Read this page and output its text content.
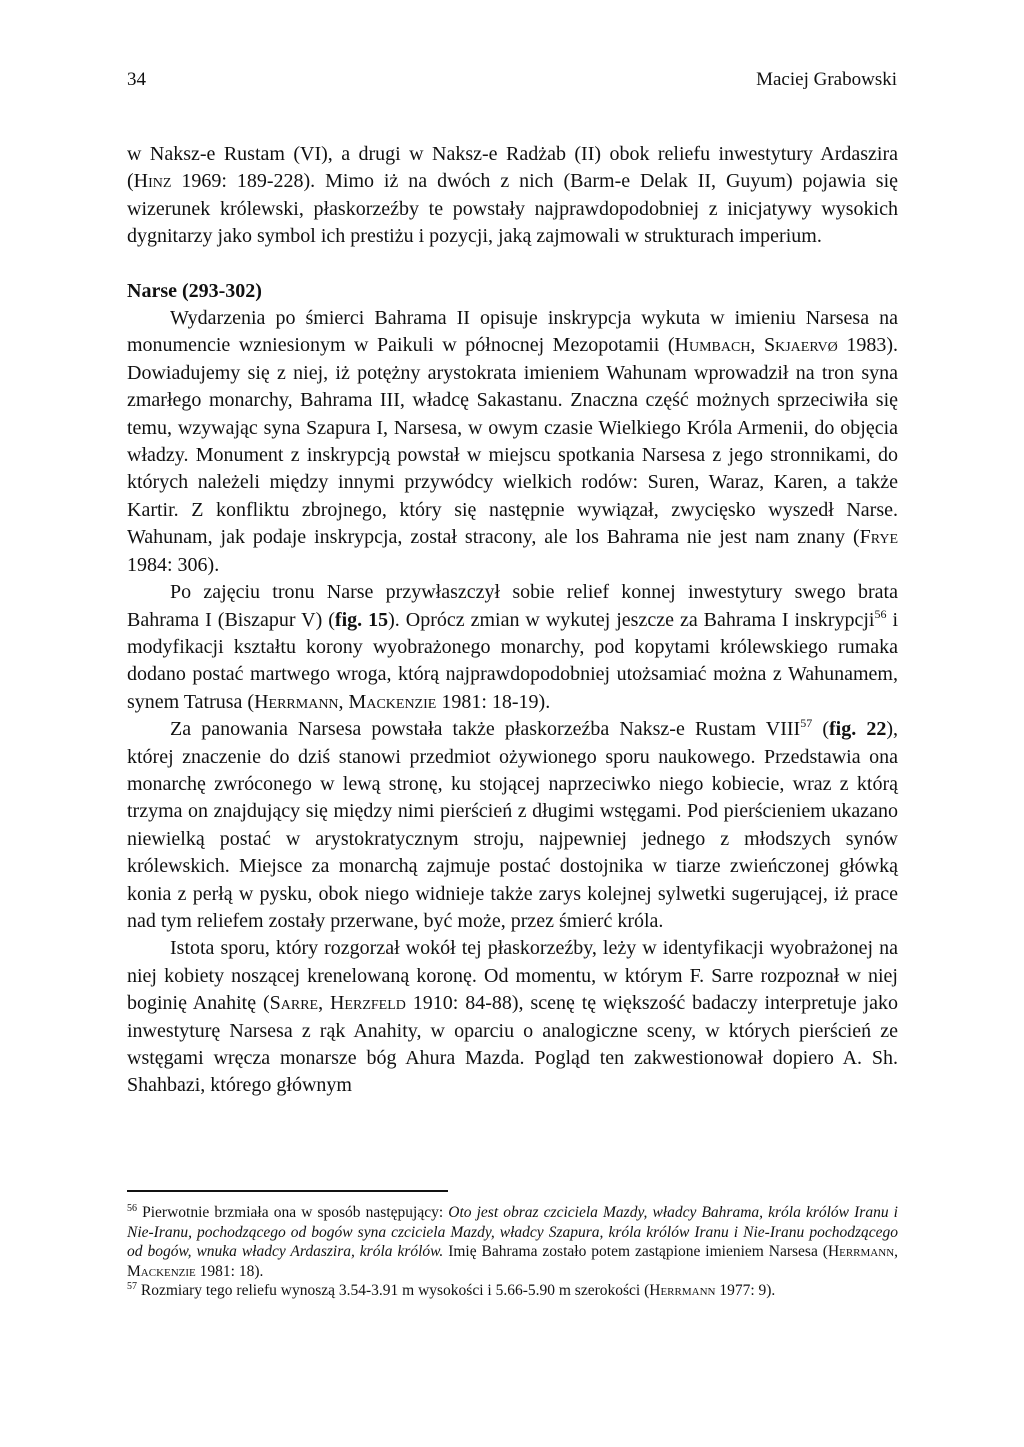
34	Maciej Grabowski

w Naksz-e Rustam (VI), a drugi w Naksz-e Radżab (II) obok reliefu inwestytury Ardaszira (Hinz 1969: 189-228). Mimo iż na dwóch z nich (Barm-e Delak II, Guyum) pojawia się wizerunek królewski, płaskorzeźby te powstały najprawdopodobniej z inicjatywy wysokich dygnitarzy jako symbol ich prestiżu i pozycji, jaką zajmowali w strukturach imperium.

Narse (293-302)

Wydarzenia po śmierci Bahrama II opisuje inskrypcja wykuta w imieniu Narsesa na monumencie wzniesionym w Paikuli w północnej Mezopotamii (Humbach, Skjaervø 1983). Dowiadujemy się z niej, iż potężny arystokrata imieniem Wahunam wprowadził na tron syna zmarłego monarchy, Bahrama III, władcę Sakastanu. Znaczna część możnych sprzeciwiła się temu, wzywając syna Szapura I, Narsesa, w owym czasie Wielkiego Króla Armenii, do objęcia władzy. Monument z inskrypcją powstał w miejscu spotkania Narsesa z jego stronnikami, do których należeli między innymi przywódcy wielkich rodów: Suren, Waraz, Karen, a także Kartir. Z konfliktu zbrojnego, który się następnie wywiązał, zwycięsko wyszedł Narse. Wahunam, jak podaje inskrypcja, został stracony, ale los Bahrama nie jest nam znany (Frye 1984: 306).

Po zajęciu tronu Narse przywłaszczył sobie relief konnej inwestytury swego brata Bahrama I (Biszapur V) (fig. 15). Oprócz zmian w wykutej jeszcze za Bahrama I inskrypcji$^{56}$ i modyfikacji kształtu korony wyobrażonego monarchy, pod kopytami królewskiego rumaka dodano postać martwego wroga, którą najprawdopodobniej utożsamiać można z Wahunamem, synem Tatrusa (Herrmann, Mackenzie 1981: 18-19).

Za panowania Narsesa powstała także płaskorzeźba Naksz-e Rustam VIII$^{57}$ (fig. 22), której znaczenie do dziś stanowi przedmiot ożywionego sporu naukowego. Przedstawia ona monarchę zwróconego w lewą stronę, ku stojącej naprzeciwko niego kobiecie, wraz z którą trzyma on znajdujący się między nimi pierścień z długimi wstęgami. Pod pierścieniem ukazano niewielką postać w arystokratycznym stroju, najpewniej jednego z młodszych synów królewskich. Miejsce za monarchą zajmuje postać dostojnika w tiarze zwieńczonej główką konia z perłą w pysku, obok niego widnieje także zarys kolejnej sylwetki sugerującej, iż prace nad tym reliefem zostały przerwane, być może, przez śmierć króla.

Istota sporu, który rozgorzał wokół tej płaskorzeźby, leży w identyfikacji wyobrażonej na niej kobiety noszącej krenelowaną koronę. Od momentu, w którym F. Sarre rozpoznał w niej boginię Anahitę (Sarre, Herzfeld 1910: 84-88), scenę tę większość badaczy interpretuje jako inwestyturę Narsesa z rąk Anahity, w oparciu o analogiczne sceny, w których pierścień ze wstęgami wręcza monarsze bóg Ahura Mazda. Pogląd ten zakwestionował dopiero A. Sh. Shahbazi, którego głównym

$^{56}$ Pierwotnie brzmiała ona w sposób następujący: Oto jest obraz czciciela Mazdy, władcy Bahrama, króla królów Iranu i Nie-Iranu, pochodzącego od bogów syna czciciela Mazdy, władcy Szapura, króla królów Iranu i Nie-Iranu pochodzącego od bogów, wnuka władcy Ardaszira, króla królów. Imię Bahrama zostało potem zastąpione imieniem Narsesa (Herrmann, Mackenzie 1981: 18).

$^{57}$ Rozmiary tego reliefu wynoszą 3.54-3.91 m wysokości i 5.66-5.90 m szerokości (Herrmann 1977: 9).
